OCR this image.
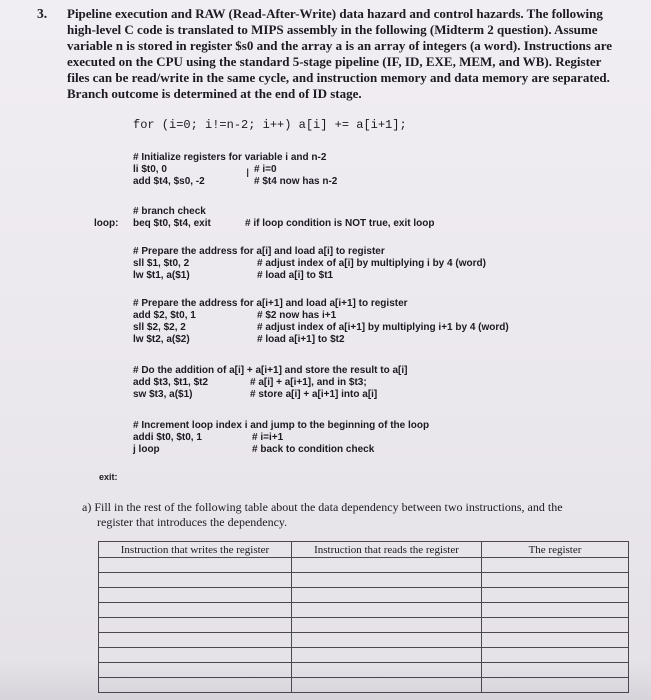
3. Pipeline execution and RAW (Read-After-Write) data hazard and control hazards. The following
high-level C code is translated to MIPS assembly in the following (Midterm 2 question). Assume
variable n is stored in register $s0 and the array a is an array of integers (a word). Instructions are
executed on the CPU using the standard 5-stage pipeline (IF, ID, EXE, MEM, and WB). Register
files can be read/write in the same cycle, and instruction memory and data memory are separated.
Branch outcome is determined at the end of ID stage.
for (i=0; i!=n-2; i++) a[i] += a[i+1];
# Initialize registers for variable i and n-2
li $t0, 0	# i=0
add $t4, $s0, -2	# $t4 now has n-2
# branch check
loop: beq $t0, $t4, exit	# if loop condition is NOT true, exit loop
# Prepare the address for a[i] and load a[i] to register
sll $1, $t0, 2	# adjust index of a[i] by multiplying i by 4 (word)
lw $t1, a($1)	# load a[i] to $t1
# Prepare the address for a[i+1] and load a[i+1] to register
add $2, $t0, 1	# $2 now has i+1
sll $2, $2, 2	# adjust index of a[i+1] by multiplying i+1 by 4 (word)
lw $t2, a($2)	# load a[i+1] to $t2
# Do the addition of a[i] + a[i+1] and store the result to a[i]
add $t3, $t1, $t2	# a[i] + a[i+1], and in $t3;
sw $t3, a($1)	# store a[i] + a[i+1] into a[i]
# Increment loop index i and jump to the beginning of the loop
addi $t0, $t0, 1	# i=i+1
j loop	# back to condition check
exit:
a) Fill in the rest of the following table about the data dependency between two instructions, and the
register that introduces the dependency.
Instruction that writes the register	Instruction that reads the register	The register

I
